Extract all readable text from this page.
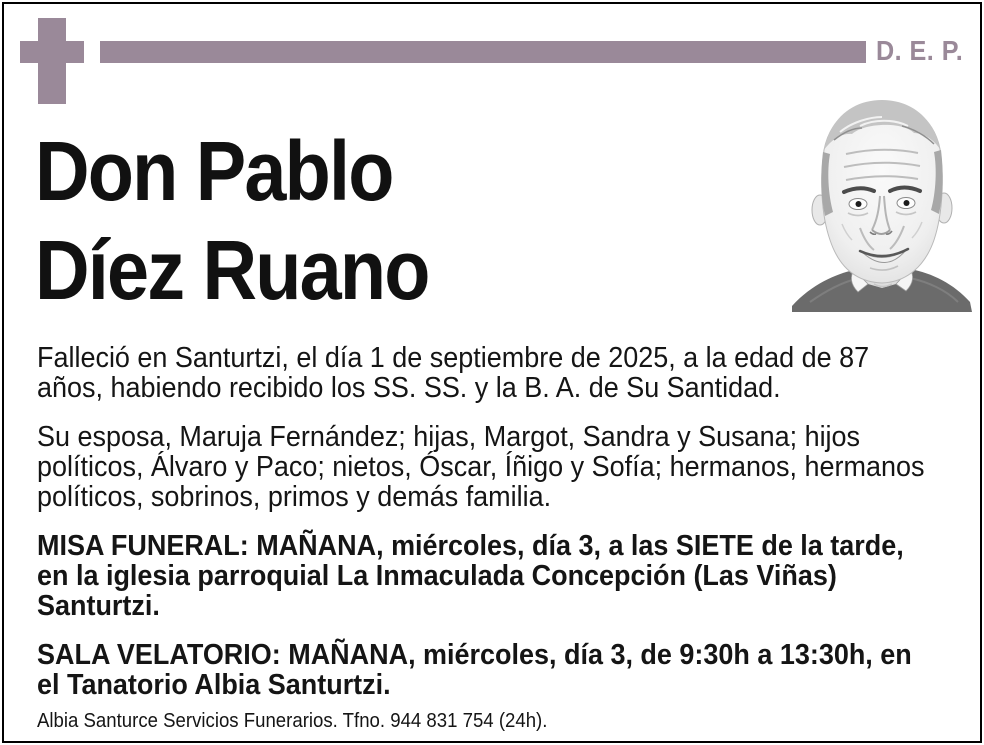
D. E. P.
Don Pablo
Díez Ruano
Falleció en Santurtzi, el día 1 de septiembre de 2025, a la edad de 87
años, habiendo recibido los SS. SS. y la B. A. de Su Santidad.
Su esposa, Maruja Fernández; hijas, Margot, Sandra y Susana; hijos
políticos, Álvaro y Paco; nietos, Óscar, Íñigo y Sofía; hermanos, hermanos
políticos, sobrinos, primos y demás familia.
MISA FUNERAL: MAÑANA, miércoles, día 3, a las SIETE de la tarde,
en la iglesia parroquial La Inmaculada Concepción (Las Viñas)
Santurtzi.
SALA VELATORIO: MAÑANA, miércoles, día 3, de 9:30h a 13:30h, en
el Tanatorio Albia Santurtzi.
Albia Santurce Servicios Funerarios. Tfno. 944 831 754 (24h).
